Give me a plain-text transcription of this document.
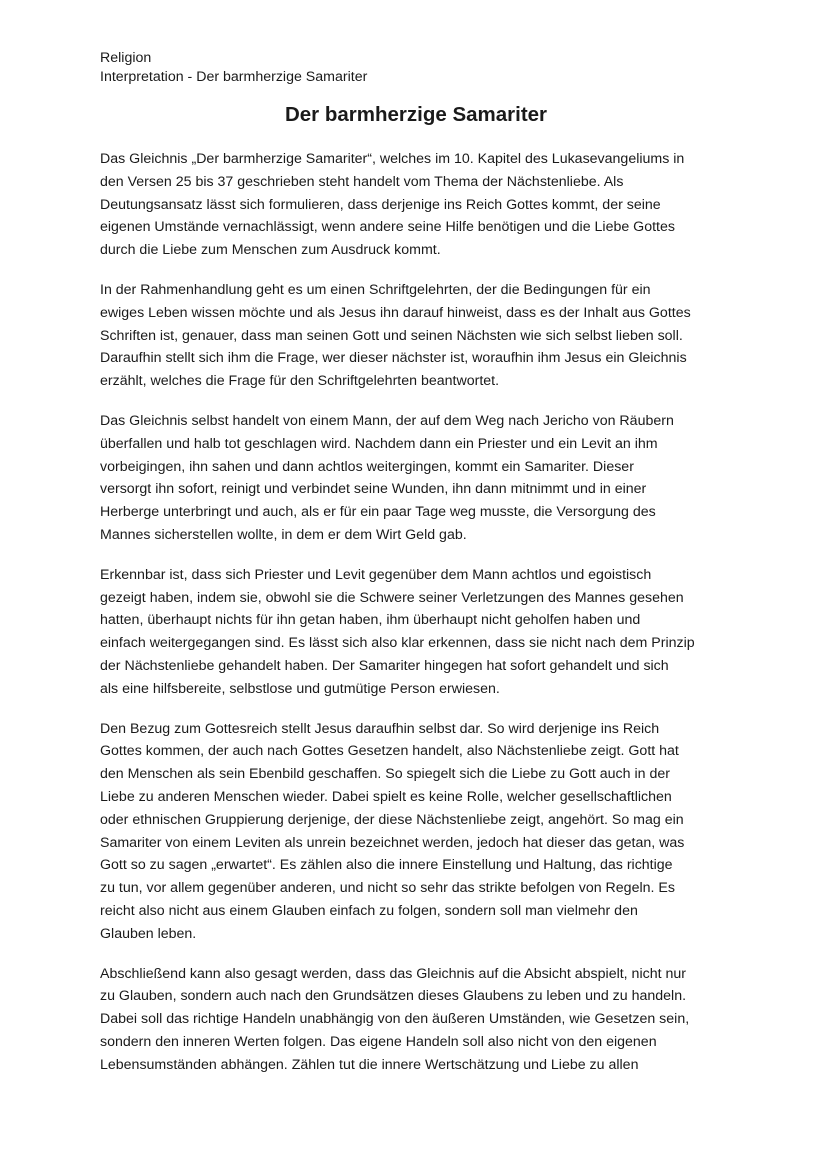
Religion
Interpretation - Der barmherzige Samariter
Der barmherzige Samariter

Das Gleichnis „Der barmherzige Samariter“, welches im 10. Kapitel des Lukasevangeliums in
den Versen 25 bis 37 geschrieben steht handelt vom Thema der Nächstenliebe. Als
Deutungsansatz lässt sich formulieren, dass derjenige ins Reich Gottes kommt, der seine
eigenen Umstände vernachlässigt, wenn andere seine Hilfe benötigen und die Liebe Gottes
durch die Liebe zum Menschen zum Ausdruck kommt.

In der Rahmenhandlung geht es um einen Schriftgelehrten, der die Bedingungen für ein
ewiges Leben wissen möchte und als Jesus ihn darauf hinweist, dass es der Inhalt aus Gottes
Schriften ist, genauer, dass man seinen Gott und seinen Nächsten wie sich selbst lieben soll.
Daraufhin stellt sich ihm die Frage, wer dieser nächster ist, woraufhin ihm Jesus ein Gleichnis
erzählt, welches die Frage für den Schriftgelehrten beantwortet.

Das Gleichnis selbst handelt von einem Mann, der auf dem Weg nach Jericho von Räubern
überfallen und halb tot geschlagen wird. Nachdem dann ein Priester und ein Levit an ihm
vorbeigingen, ihn sahen und dann achtlos weitergingen, kommt ein Samariter. Dieser
versorgt ihn sofort, reinigt und verbindet seine Wunden, ihn dann mitnimmt und in einer
Herberge unterbringt und auch, als er für ein paar Tage weg musste, die Versorgung des
Mannes sicherstellen wollte, in dem er dem Wirt Geld gab.

Erkennbar ist, dass sich Priester und Levit gegenüber dem Mann achtlos und egoistisch
gezeigt haben, indem sie, obwohl sie die Schwere seiner Verletzungen des Mannes gesehen
hatten, überhaupt nichts für ihn getan haben, ihm überhaupt nicht geholfen haben und
einfach weitergegangen sind. Es lässt sich also klar erkennen, dass sie nicht nach dem Prinzip
der Nächstenliebe gehandelt haben. Der Samariter hingegen hat sofort gehandelt und sich
als eine hilfsbereite, selbstlose und gutmütige Person erwiesen.

Den Bezug zum Gottesreich stellt Jesus daraufhin selbst dar. So wird derjenige ins Reich
Gottes kommen, der auch nach Gottes Gesetzen handelt, also Nächstenliebe zeigt. Gott hat
den Menschen als sein Ebenbild geschaffen. So spiegelt sich die Liebe zu Gott auch in der
Liebe zu anderen Menschen wieder. Dabei spielt es keine Rolle, welcher gesellschaftlichen
oder ethnischen Gruppierung derjenige, der diese Nächstenliebe zeigt, angehört. So mag ein
Samariter von einem Leviten als unrein bezeichnet werden, jedoch hat dieser das getan, was
Gott so zu sagen „erwartet“. Es zählen also die innere Einstellung und Haltung, das richtige
zu tun, vor allem gegenüber anderen, und nicht so sehr das strikte befolgen von Regeln. Es
reicht also nicht aus einem Glauben einfach zu folgen, sondern soll man vielmehr den
Glauben leben.

Abschließend kann also gesagt werden, dass das Gleichnis auf die Absicht abspielt, nicht nur
zu Glauben, sondern auch nach den Grundsätzen dieses Glaubens zu leben und zu handeln.
Dabei soll das richtige Handeln unabhängig von den äußeren Umständen, wie Gesetzen sein,
sondern den inneren Werten folgen. Das eigene Handeln soll also nicht von den eigenen
Lebensumständen abhängen. Zählen tut die innere Wertschätzung und Liebe zu allen
